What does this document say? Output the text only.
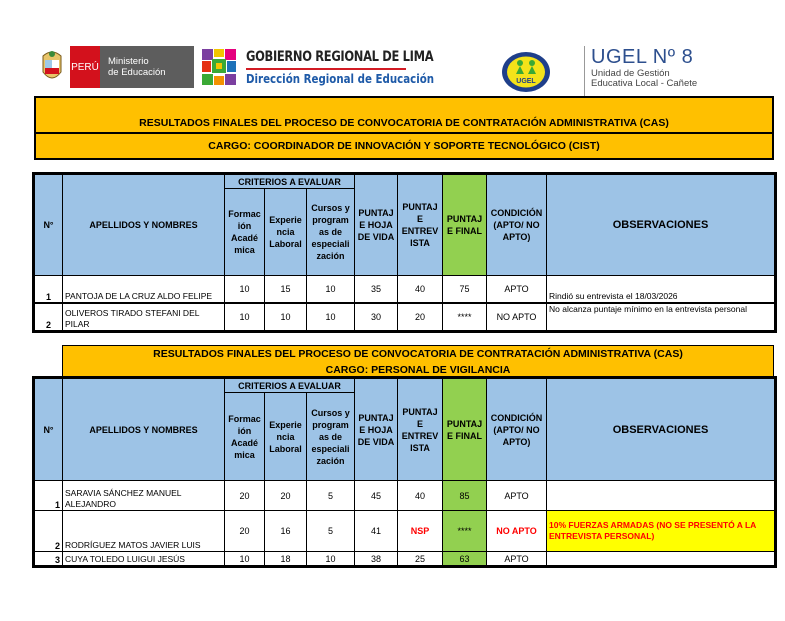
PERÚ Ministerio
de Educación
GOBIERNO REGIONAL DE LIMA
Dirección Regional de Educación	UGEL
UGEL Nº 8
Unidad de Gestión
Educativa Local - Cañete
RESULTADOS FINALES DEL PROCESO DE CONVOCATORIA DE CONTRATACIÓN ADMINISTRATIVA (CAS)
CARGO: COORDINADOR DE INNOVACIÓN Y SOPORTE TECNOLÓGICO (CIST)
N°	APELLIDOS Y NOMBRES	CRITERIOS A EVALUAR			PUNTAJ E HOJA DE VIDA	PUNTAJ E ENTREV ISTA	PUNTAJ E FINAL	CONDICIÓN (APTO/ NO APTO)	OBSERVACIONES
		Formac ión Acadé mica	Experie ncia Laboral	Cursos y program as de especiali zación					
1	PANTOJA DE LA CRUZ ALDO FELIPE	10	15	10	35	40	75	APTO	Rindió su entrevista el 18/03/2026
2	OLIVEROS TIRADO STEFANI DEL PILAR	10	10	10	30	20	****	NO APTO	No alcanza puntaje mínimo en la entrevista personal
RESULTADOS FINALES DEL PROCESO DE CONVOCATORIA DE CONTRATACIÓN ADMINISTRATIVA (CAS)
CARGO: PERSONAL DE VIGILANCIA
N°	APELLIDOS Y NOMBRES	CRITERIOS A EVALUAR			PUNTAJ E HOJA DE VIDA	PUNTAJ E ENTREV ISTA	PUNTAJ E FINAL	CONDICIÓN (APTO/ NO APTO)	OBSERVACIONES
		Formac ión Acadé mica	Experie ncia Laboral	Cursos y program as de especiali zación					
1	SARAVIA SÁNCHEZ MANUEL ALEJANDRO	20	20	5	45	40	85	APTO	
2	RODRÍGUEZ MATOS JAVIER LUIS	20	16	5	41	NSP	****	NO APTO	10% FUERZAS ARMADAS (NO SE PRESENTÓ A LA ENTREVISTA PERSONAL)
3	CUYA TOLEDO LUIGUI JESÚS	10	18	10	38	25	63	APTO	
